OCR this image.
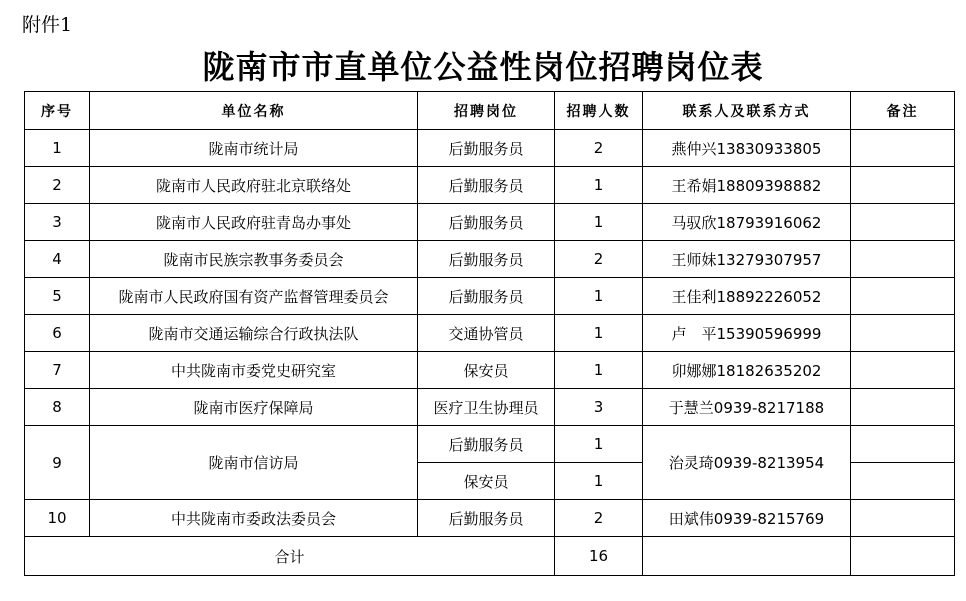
附件1
陇南市市直单位公益性岗位招聘岗位表
序号	单位名称	招聘岗位	招聘人数	联系人及联系方式	备注
1	陇南市统计局	后勤服务员	2	燕仲兴13830933805	
2	陇南市人民政府驻北京联络处	后勤服务员	1	王希娟18809398882	
3	陇南市人民政府驻青岛办事处	后勤服务员	1	马驭欣18793916062	
4	陇南市民族宗教事务委员会	后勤服务员	2	王师妹13279307957	
5	陇南市人民政府国有资产监督管理委员会	后勤服务员	1	王佳利18892226052	
6	陇南市交通运输综合行政执法队	交通协管员	1	卢　平15390596999	
7	中共陇南市委党史研究室	保安员	1	卯娜娜18182635202	
8	陇南市医疗保障局	医疗卫生协理员	3	于慧兰0939-8217188	
9	陇南市信访局	后勤服务员	1	治灵琦0939-8213954	
		保安员	1		
10	中共陇南市委政法委员会	后勤服务员	2	田斌伟0939-8215769	
合计			16		
